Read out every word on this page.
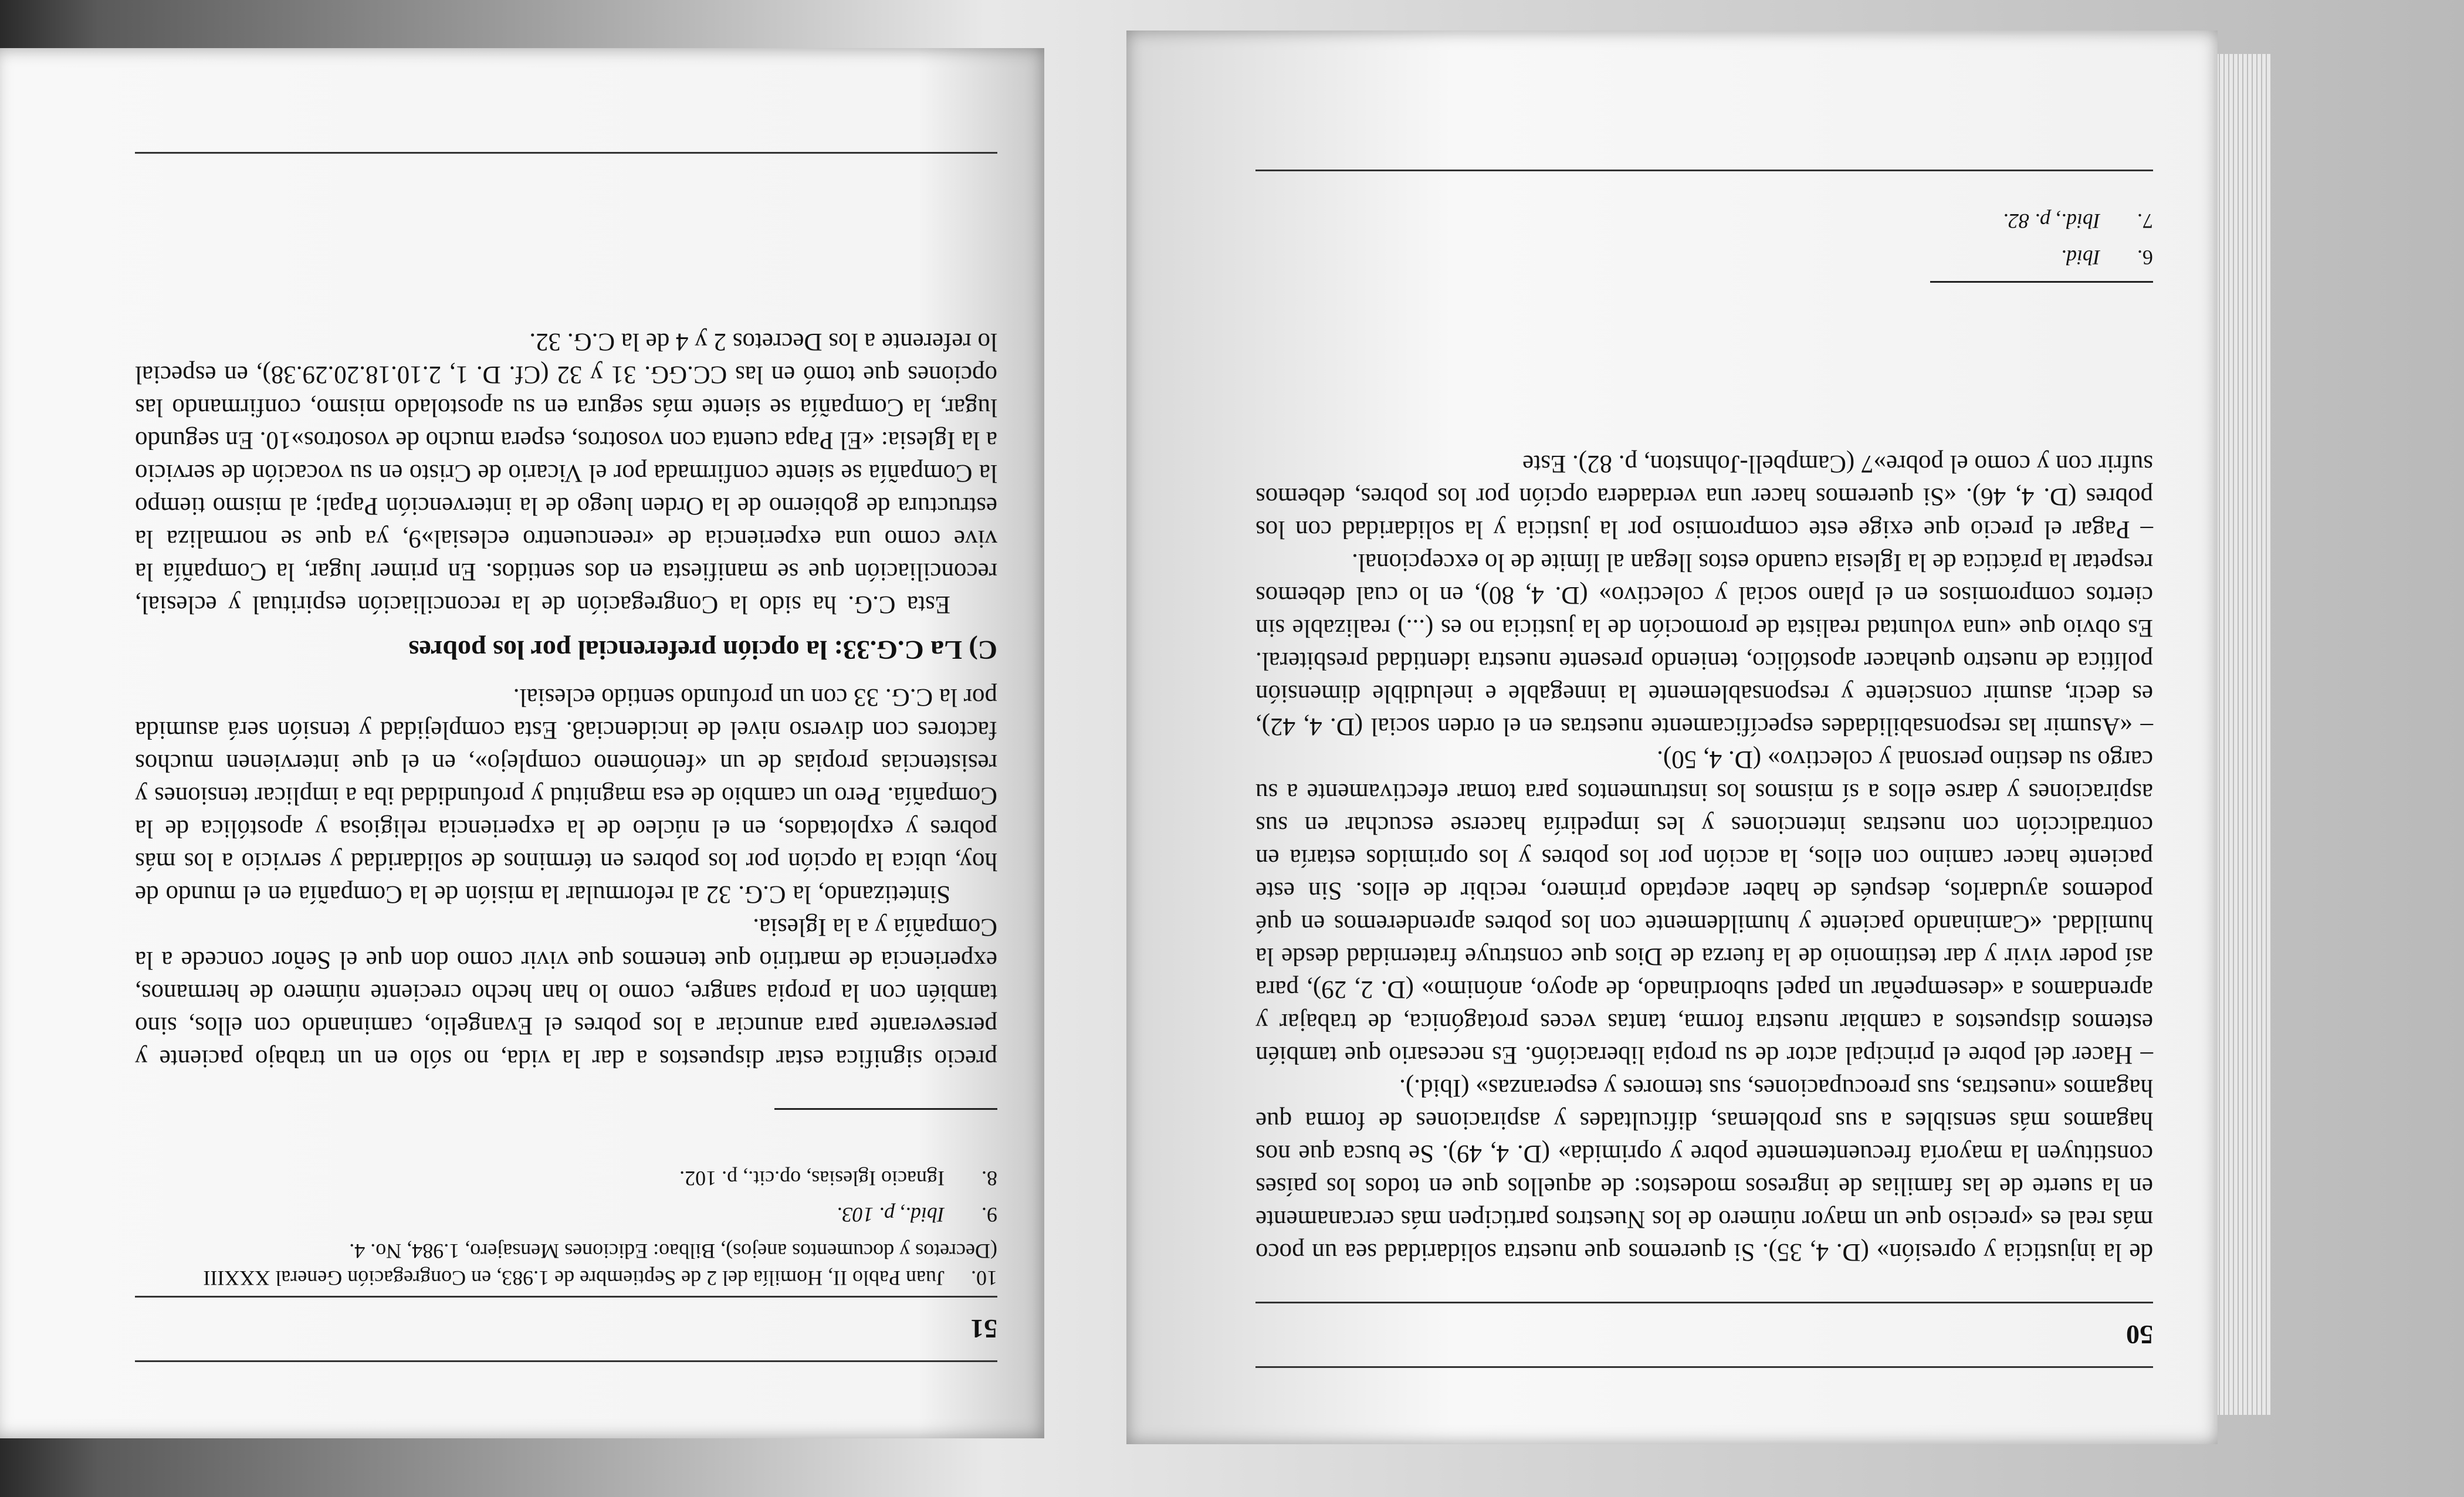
50

de la injusticia y opresión» (D. 4, 35). Si queremos que nuestra solidaridad sea un poco más real es «preciso que un mayor número de los Nuestros participen más cercanamente en la suerte de las familias de ingresos modestos: de aquellos que en todos los países constituyen la mayoría frecuentemente pobre y oprimida» (D. 4, 49). Se busca que nos hagamos más sensibles a sus problemas, dificultades y aspiraciones de forma que hagamos «nuestras, sus preocupaciones, sus temores y esperanzas» (Ibid.).

– Hacer del pobre el principal actor de su propia liberación6. Es necesario que también estemos dispuestos a cambiar nuestra forma, tantas veces protagónica, de trabajar y aprendamos a «desempeñar un papel subordinado, de apoyo, anónimo» (D. 2, 29), para así poder vivir y dar testimonio de la fuerza de Dios que construye fraternidad desde la humildad. «Caminando paciente y humildemente con los pobres aprenderemos en qué podemos ayudarlos, después de haber aceptado primero, recibir de ellos. Sin este paciente hacer camino con ellos, la acción por los pobres y los oprimidos estaría en contradicción con nuestras intenciones y les impediría hacerse escuchar en sus aspiraciones y darse ellos a sí mismos los instrumentos para tomar efectivamente a su cargo su destino personal y colectivo» (D. 4, 50).

– «Asumir las responsabilidades específicamente nuestras en el orden social (D. 4, 42), es decir, asumir consciente y responsablemente la innegable e ineludible dimensión política de nuestro quehacer apostólico, teniendo presente nuestra identidad presbiteral. Es obvio que «una voluntad realista de promoción de la justicia no es (...) realizable sin ciertos compromisos en el plano social y colectivo» (D. 4, 80), en lo cual debemos respetar la práctica de la Iglesia cuando estos llegan al límite de lo excepcional.

– Pagar el precio que exige este compromiso por la justicia y la solidaridad con los pobres (D. 4, 46). «Si queremos hacer una verdadera opción por los pobres, debemos sufrir con y como el pobre»7 (Campbell-Johnston, p. 82). Este

6.Ibid.
7.Ibid., p. 82.
51
10.Juan Pablo II, Homilía del 2 de Septiembre de 1.983, en Congregación General XXXIII (Decretos y documentos anejos), Bilbao: Ediciones Mensajero, 1.984, No. 4.
9.Ibid., p. 103.
8.Ignacio Iglesias, op.cit., p. 102.

precio significa estar dispuestos a dar la vida, no sólo en un trabajo paciente y perseverante para anunciar a los pobres el Evangelio, caminando con ellos, sino también con la propia sangre, como lo han hecho creciente número de hermanos, experiencia de martirio que tenemos que vivir como don que el Señor concede a la Compañía y a la Iglesia.

Sintetizando, la C.G. 32 al reformular la misión de la Compañía en el mundo de hoy, ubica la opción por los pobres en términos de solidaridad y servicio a los más pobres y explotados, en el núcleo de la experiencia religiosa y apostólica de la Compañía. Pero un cambio de esa magnitud y profundidad iba a implicar tensiones y resistencias propias de un «fenómeno complejo», en el que intervienen muchos factores con diverso nivel de incidencia8. Esta complejidad y tensión será asumida por la C.G. 33 con un profundo sentido eclesial.

C) La C.G.33: la opción preferencial por los pobres

Esta C.G. ha sido la Congregación de la reconciliación espiritual y eclesial, reconciliación que se manifiesta en dos sentidos. En primer lugar, la Compañía la vive como una experiencia de «reencuentro eclesial»9, ya que se normaliza la estructura de gobierno de la Orden luego de la intervención Papal; al mismo tiempo la Compañía se siente confirmada por el Vicario de Cristo en su vocación de servicio a la Iglesia: «El Papa cuenta con vosotros, espera mucho de vosotros»10. En segundo lugar, la Compañía se siente más segura en su apostolado mismo, confirmando las opciones que tomó en las CC.GG. 31 y 32 (Cf. D. 1, 2.10.18.20.29.38), en especial lo referente a los Decretos 2 y 4 de la C.G. 32.
